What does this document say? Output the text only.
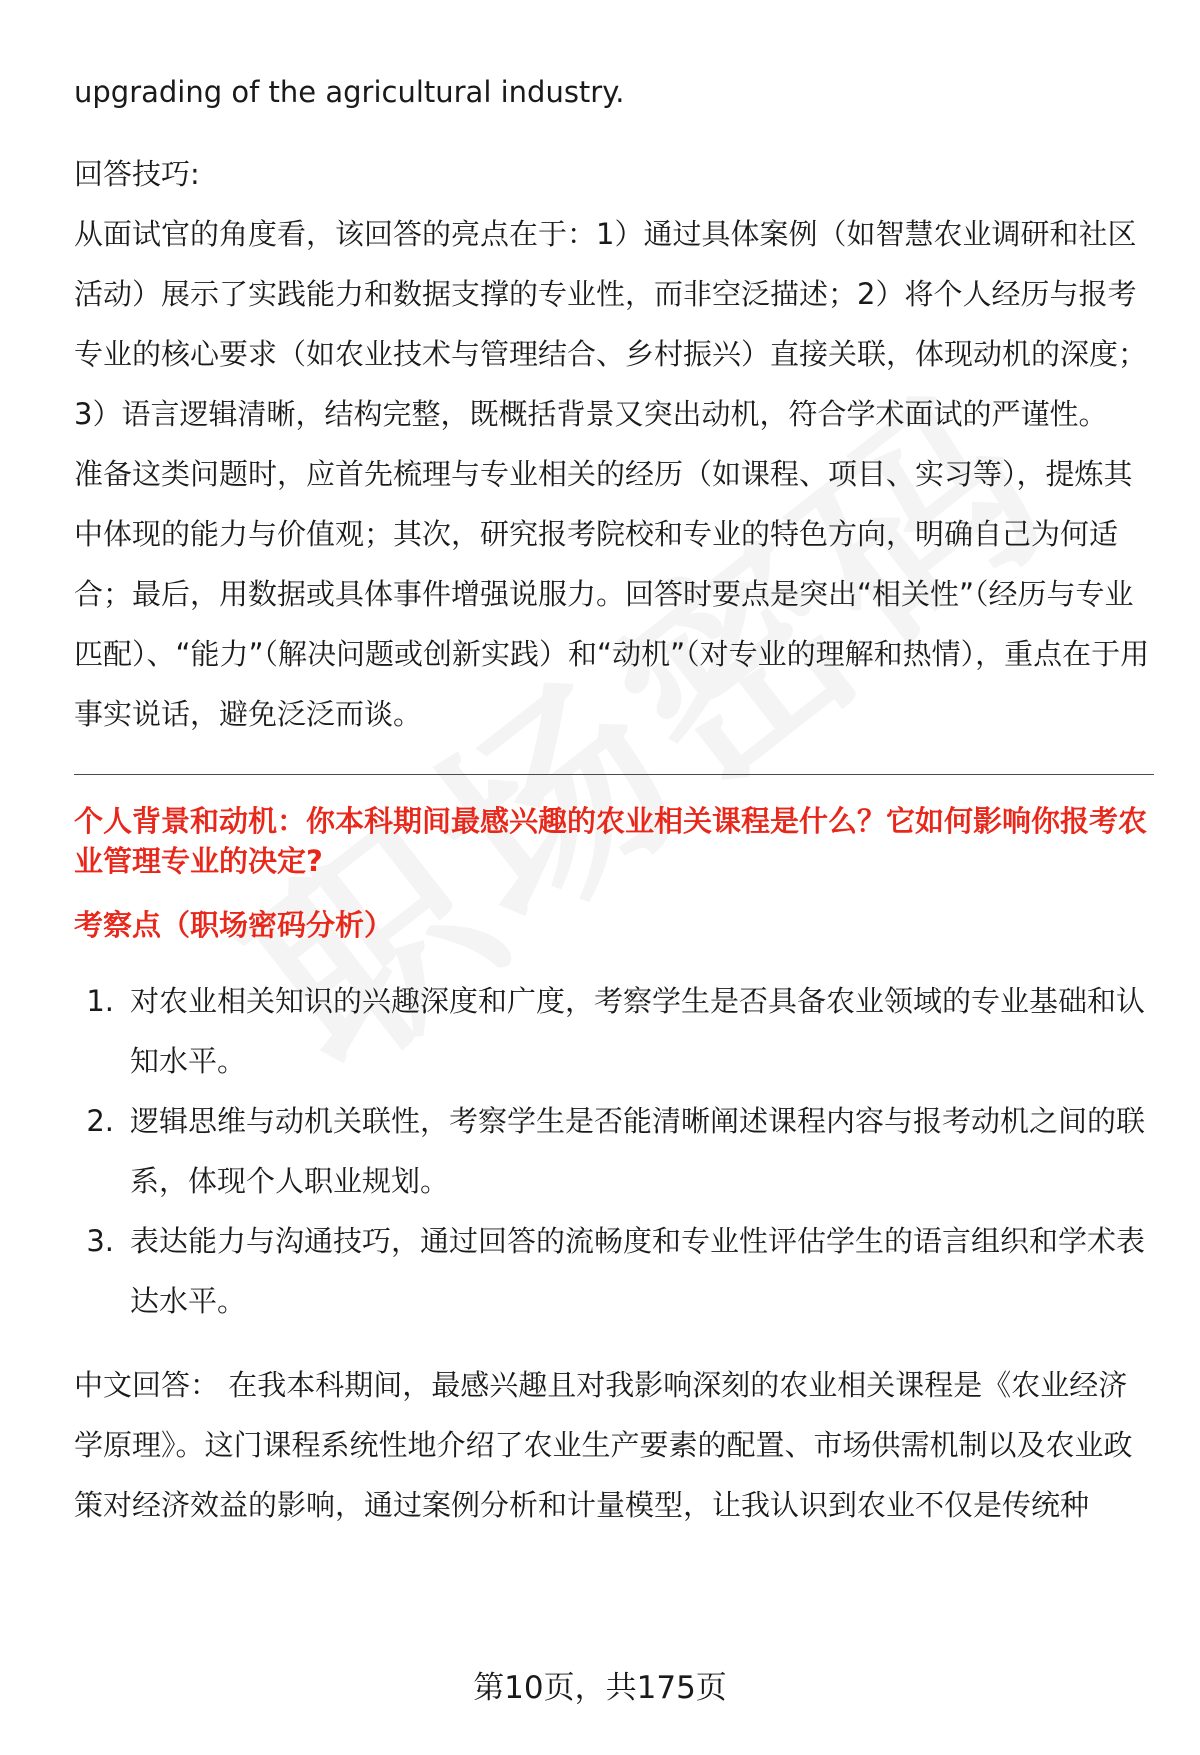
upgrading of the agricultural industry.

回答技巧:

从面试官的角度看，该回答的亮点在于：1）通过具体案例（如智慧农业调研和社区活动）展示了实践能力和数据支撑的专业性，而非空泛描述；2）将个人经历与报考专业的核心要求（如农业技术与管理结合、乡村振兴）直接关联，体现动机的深度；3）语言逻辑清晰，结构完整，既概括背景又突出动机，符合学术面试的严谨性。

准备这类问题时，应首先梳理与专业相关的经历（如课程、项目、实习等），提炼其中体现的能力与价值观；其次，研究报考院校和专业的特色方向，明确自己为何适合；最后，用数据或具体事件增强说服力。回答时要点是突出“相关性”（经历与专业匹配）、“能力”（解决问题或创新实践）和“动机”（对专业的理解和热情），重点在于用事实说话，避免泛泛而谈。

个人背景和动机：你本科期间最感兴趣的农业相关课程是什么？它如何影响你报考农业管理专业的决定?

考察点（职场密码分析）

1. 对农业相关知识的兴趣深度和广度，考察学生是否具备农业领域的专业基础和认知水平。
2. 逻辑思维与动机关联性，考察学生是否能清晰阐述课程内容与报考动机之间的联系，体现个人职业规划。
3. 表达能力与沟通技巧，通过回答的流畅度和专业性评估学生的语言组织和学术表达水平。

中文回答： 在我本科期间，最感兴趣且对我影响深刻的农业相关课程是《农业经济学原理》。这门课程系统性地介绍了农业生产要素的配置、市场供需机制以及农业政策对经济效益的影响，通过案例分析和计量模型，让我认识到农业不仅是传统种

第10页，共175页
